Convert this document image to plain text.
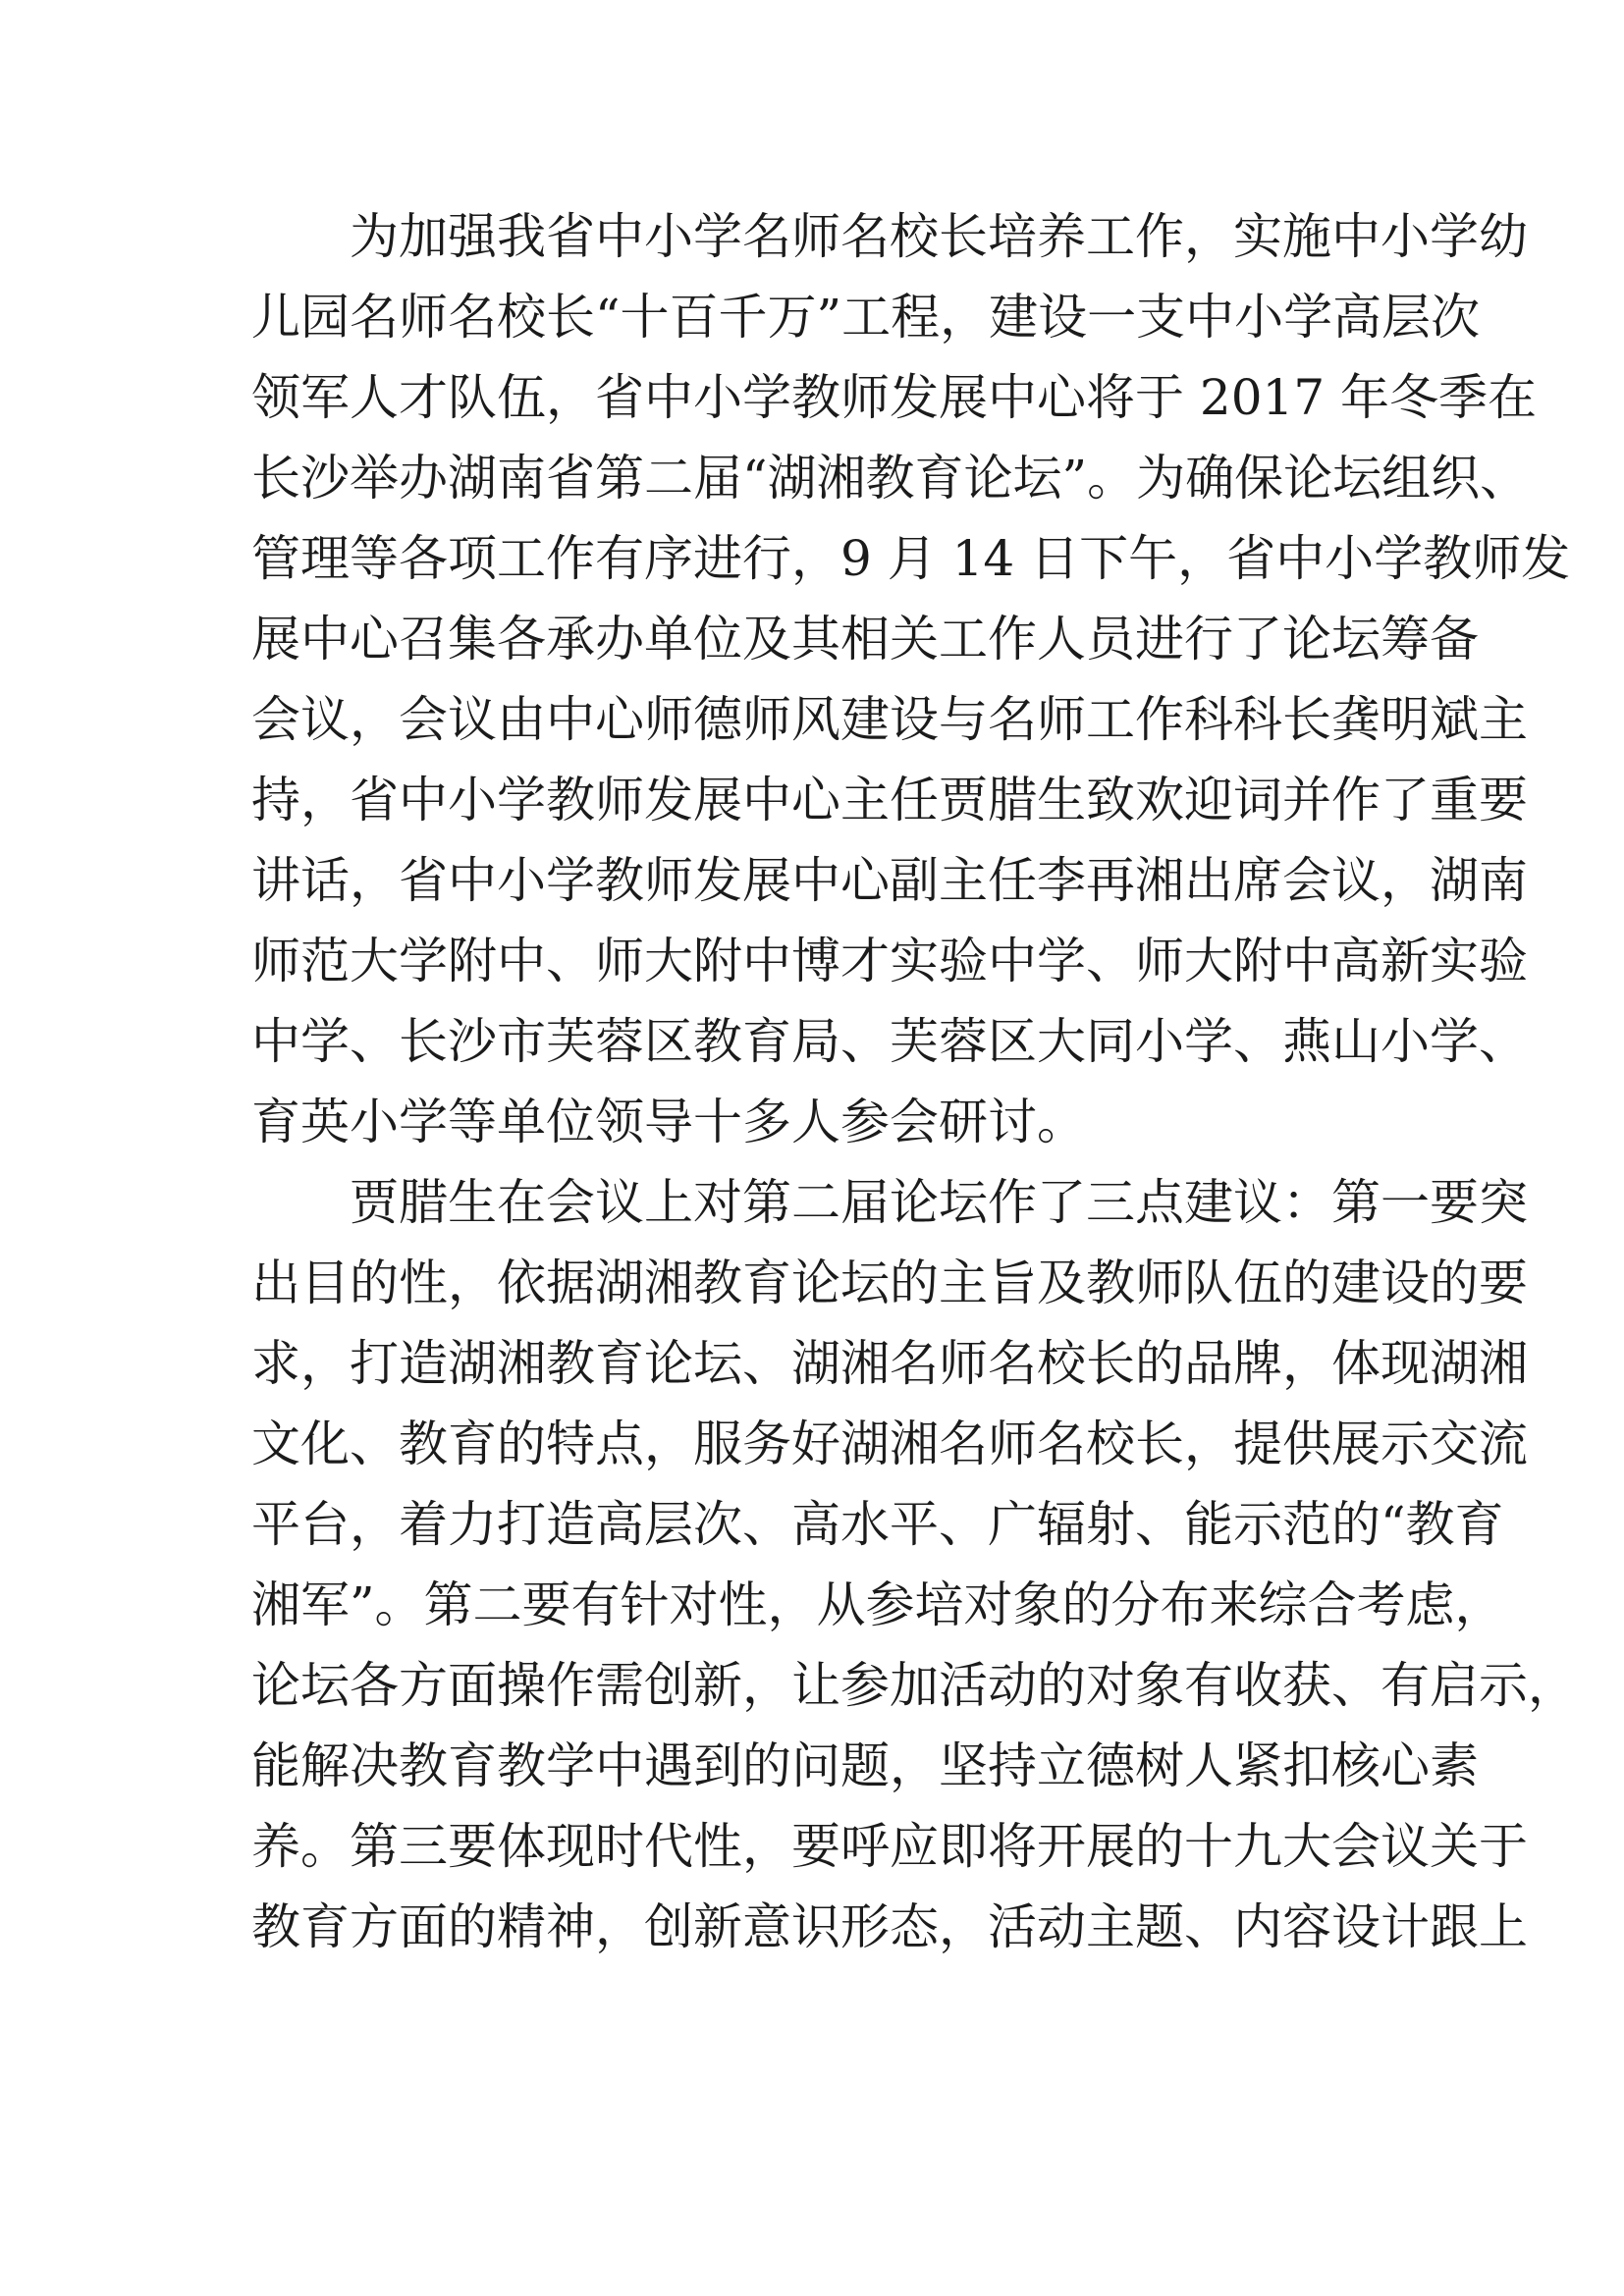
为加强我省中小学名师名校长培养工作，实施中小学幼
儿园名师名校长“十百千万”工程，建设一支中小学高层次
领军人才队伍，省中小学教师发展中心将于 2017 年冬季在
长沙举办湖南省第二届“湖湘教育论坛”。为确保论坛组织、
管理等各项工作有序进行，9 月 14 日下午，省中小学教师发
展中心召集各承办单位及其相关工作人员进行了论坛筹备
会议，会议由中心师德师风建设与名师工作科科长龚明斌主
持，省中小学教师发展中心主任贾腊生致欢迎词并作了重要
讲话，省中小学教师发展中心副主任李再湘出席会议，湖南
师范大学附中、师大附中博才实验中学、师大附中高新实验
中学、长沙市芙蓉区教育局、芙蓉区大同小学、燕山小学、
育英小学等单位领导十多人参会研讨。
贾腊生在会议上对第二届论坛作了三点建议：第一要突
出目的性，依据湖湘教育论坛的主旨及教师队伍的建设的要
求，打造湖湘教育论坛、湖湘名师名校长的品牌，体现湖湘
文化、教育的特点，服务好湖湘名师名校长，提供展示交流
平台，着力打造高层次、高水平、广辐射、能示范的“教育
湘军”。第二要有针对性，从参培对象的分布来综合考虑，
论坛各方面操作需创新，让参加活动的对象有收获、有启示，
能解决教育教学中遇到的问题，坚持立德树人紧扣核心素
养。第三要体现时代性，要呼应即将开展的十九大会议关于
教育方面的精神，创新意识形态，活动主题、内容设计跟上
